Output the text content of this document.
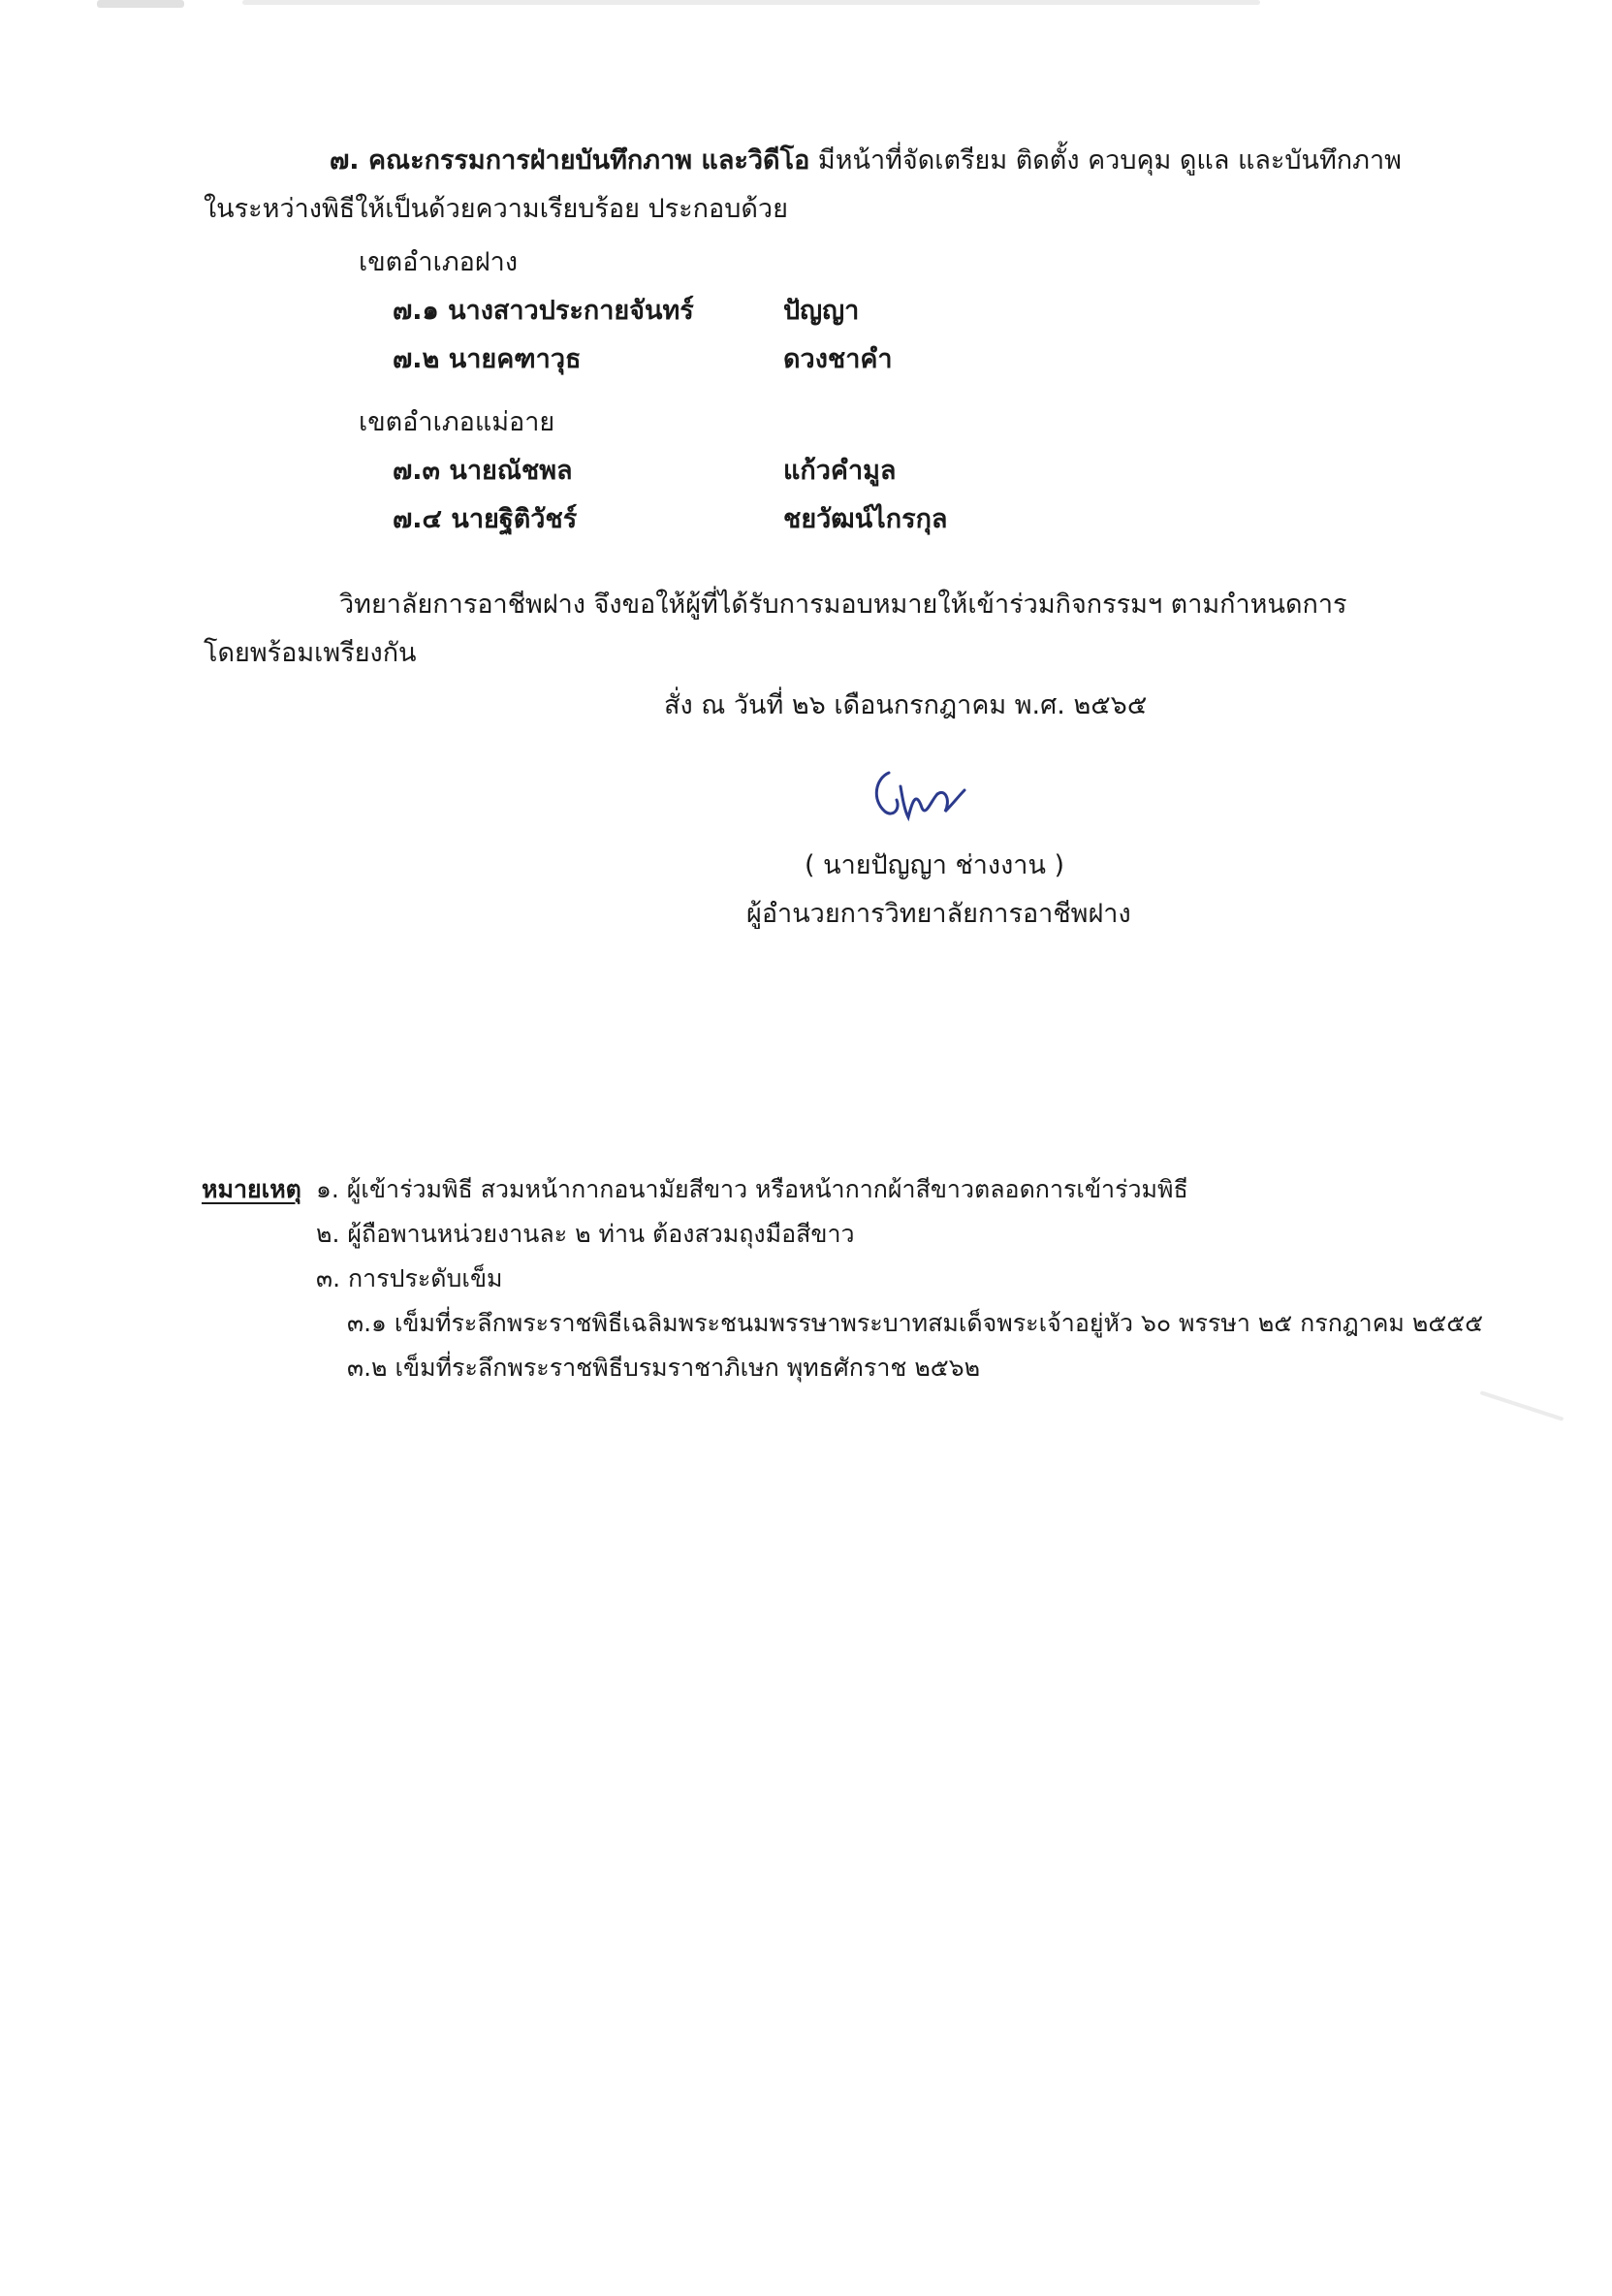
๗. คณะกรรมการฝ่ายบันทึกภาพ และวิดีโอ มีหน้าที่จัดเตรียม ติดตั้ง ควบคุม ดูแล และบันทึกภาพ
ในระหว่างพิธีให้เป็นด้วยความเรียบร้อย ประกอบด้วย
เขตอำเภอฝาง
๗.๑ นางสาวประกายจันทร์	ปัญญา
๗.๒ นายคฑาวุธ	ดวงชาคำ
เขตอำเภอแม่อาย
๗.๓ นายณัชพล	แก้วคำมูล
๗.๔ นายฐิติวัชร์	ชยวัฒน์ไกรกุล
วิทยาลัยการอาชีพฝาง จึงขอให้ผู้ที่ได้รับการมอบหมายให้เข้าร่วมกิจกรรมฯ ตามกำหนดการ
โดยพร้อมเพรียงกัน
สั่ง ณ วันที่ ๒๖ เดือนกรกฎาคม พ.ศ. ๒๕๖๕
( นายปัญญา ช่างงาน )
ผู้อำนวยการวิทยาลัยการอาชีพฝาง
หมายเหตุ ๑. ผู้เข้าร่วมพิธี สวมหน้ากากอนามัยสีขาว หรือหน้ากากผ้าสีขาวตลอดการเข้าร่วมพิธี
๒. ผู้ถือพานหน่วยงานละ ๒ ท่าน ต้องสวมถุงมือสีขาว
๓. การประดับเข็ม
๓.๑ เข็มที่ระลึกพระราชพิธีเฉลิมพระชนมพรรษาพระบาทสมเด็จพระเจ้าอยู่หัว ๖๐ พรรษา ๒๕ กรกฎาคม ๒๕๕๕
๓.๒ เข็มที่ระลึกพระราชพิธีบรมราชาภิเษก พุทธศักราช ๒๕๖๒
